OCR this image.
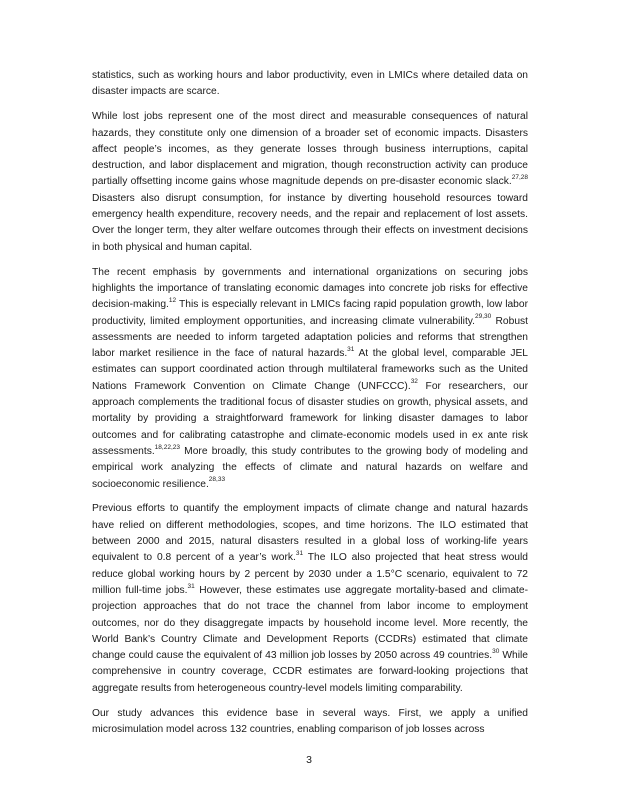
statistics, such as working hours and labor productivity, even in LMICs where detailed data on disaster impacts are scarce.

While lost jobs represent one of the most direct and measurable consequences of natural hazards, they constitute only one dimension of a broader set of economic impacts. Disasters affect people’s incomes, as they generate losses through business interruptions, capital destruction, and labor displacement and migration, though reconstruction activity can produce partially offsetting income gains whose magnitude depends on pre-disaster economic slack.$^{27,28}$ Disasters also disrupt consumption, for instance by diverting household resources toward emergency health expenditure, recovery needs, and the repair and replacement of lost assets. Over the longer term, they alter welfare outcomes through their effects on investment decisions in both physical and human capital.

The recent emphasis by governments and international organizations on securing jobs highlights the importance of translating economic damages into concrete job risks for effective decision-making.$^{12}$ This is especially relevant in LMICs facing rapid population growth, low labor productivity, limited employment opportunities, and increasing climate vulnerability.$^{29,30}$ Robust assessments are needed to inform targeted adaptation policies and reforms that strengthen labor market resilience in the face of natural hazards.$^{31}$ At the global level, comparable JEL estimates can support coordinated action through multilateral frameworks such as the United Nations Framework Convention on Climate Change (UNFCCC).$^{32}$ For researchers, our approach complements the traditional focus of disaster studies on growth, physical assets, and mortality by providing a straightforward framework for linking disaster damages to labor outcomes and for calibrating catastrophe and climate-economic models used in ex ante risk assessments.$^{18,22,23}$ More broadly, this study contributes to the growing body of modeling and empirical work analyzing the effects of climate and natural hazards on welfare and socioeconomic resilience.$^{28,33}$

Previous efforts to quantify the employment impacts of climate change and natural hazards have relied on different methodologies, scopes, and time horizons. The ILO estimated that between 2000 and 2015, natural disasters resulted in a global loss of working-life years equivalent to 0.8 percent of a year’s work.$^{31}$ The ILO also projected that heat stress would reduce global working hours by 2 percent by 2030 under a 1.5°C scenario, equivalent to 72 million full-time jobs.$^{31}$ However, these estimates use aggregate mortality-based and climate-projection approaches that do not trace the channel from labor income to employment outcomes, nor do they disaggregate impacts by household income level. More recently, the World Bank’s Country Climate and Development Reports (CCDRs) estimated that climate change could cause the equivalent of 43 million job losses by 2050 across 49 countries.$^{30}$ While comprehensive in country coverage, CCDR estimates are forward-looking projections that aggregate results from heterogeneous country-level models limiting comparability.

Our study advances this evidence base in several ways. First, we apply a unified microsimulation model across 132 countries, enabling comparison of job losses across

3
